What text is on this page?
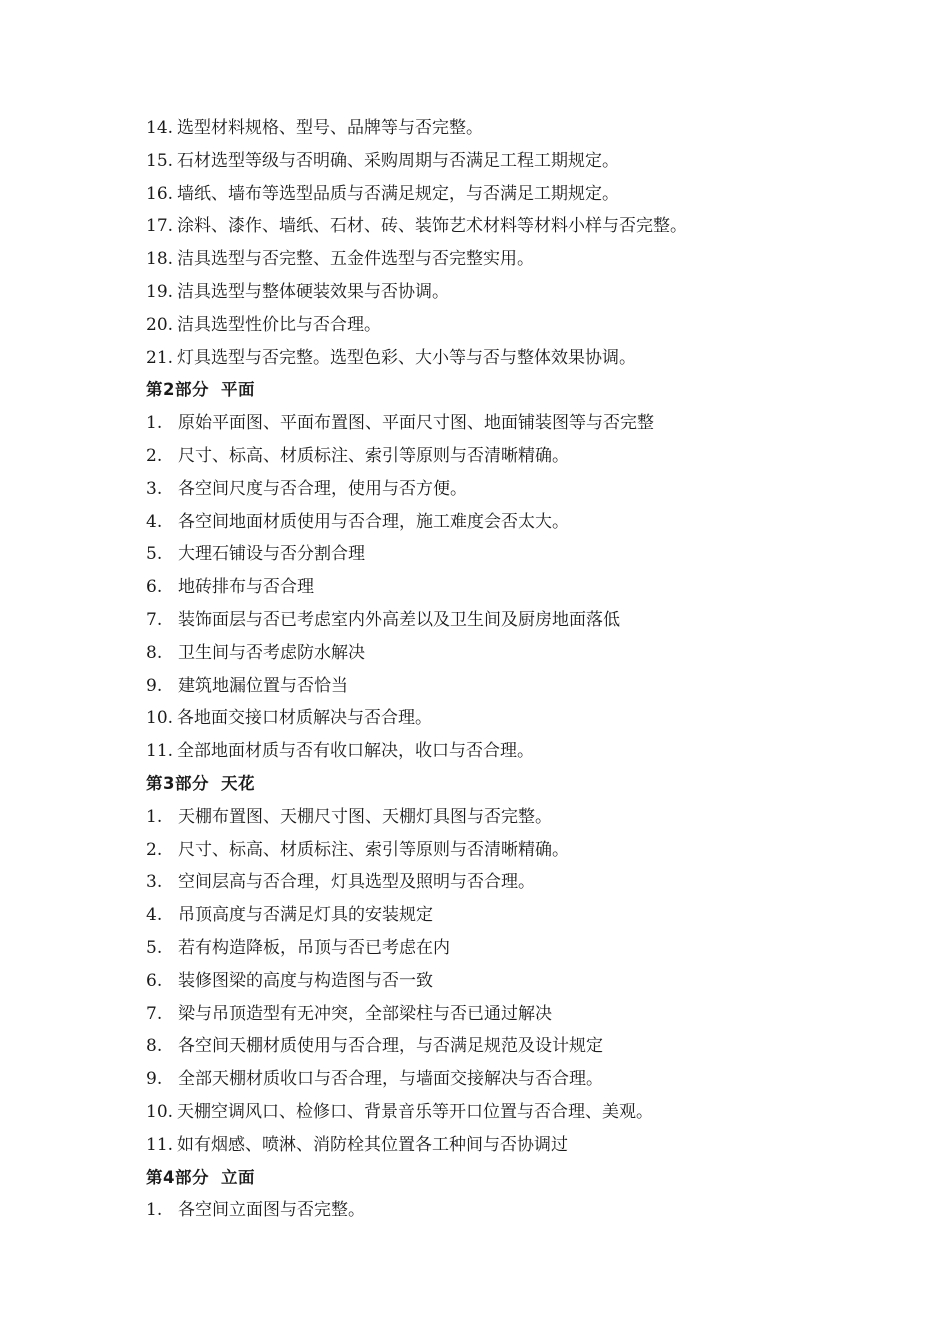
14. 选型材料规格、型号、品牌等与否完整。
15. 石材选型等级与否明确、采购周期与否满足工程工期规定。
16. 墙纸、墙布等选型品质与否满足规定，与否满足工期规定。
17. 涂料、漆作、墙纸、石材、砖、装饰艺术材料等材料小样与否完整。
18. 洁具选型与否完整、五金件选型与否完整实用。
19. 洁具选型与整体硬装效果与否协调。
20. 洁具选型性价比与否合理。
21. 灯具选型与否完整。选型色彩、大小等与否与整体效果协调。
第2部分 平面
1. 原始平面图、平面布置图、平面尺寸图、地面铺装图等与否完整
2. 尺寸、标高、材质标注、索引等原则与否清晰精确。
3. 各空间尺度与否合理，使用与否方便。
4. 各空间地面材质使用与否合理，施工难度会否太大。
5. 大理石铺设与否分割合理
6. 地砖排布与否合理
7. 装饰面层与否已考虑室内外高差以及卫生间及厨房地面落低
8. 卫生间与否考虑防水解决
9. 建筑地漏位置与否恰当
10. 各地面交接口材质解决与否合理。
11. 全部地面材质与否有收口解决，收口与否合理。
第3部分 天花
1. 天棚布置图、天棚尺寸图、天棚灯具图与否完整。
2. 尺寸、标高、材质标注、索引等原则与否清晰精确。
3. 空间层高与否合理，灯具选型及照明与否合理。
4. 吊顶高度与否满足灯具的安装规定
5. 若有构造降板，吊顶与否已考虑在内
6. 装修图梁的高度与构造图与否一致
7. 梁与吊顶造型有无冲突，全部梁柱与否已通过解决
8. 各空间天棚材质使用与否合理，与否满足规范及设计规定
9. 全部天棚材质收口与否合理，与墙面交接解决与否合理。
10. 天棚空调风口、检修口、背景音乐等开口位置与否合理、美观。
11. 如有烟感、喷淋、消防栓其位置各工种间与否协调过
第4部分 立面
1. 各空间立面图与否完整。
